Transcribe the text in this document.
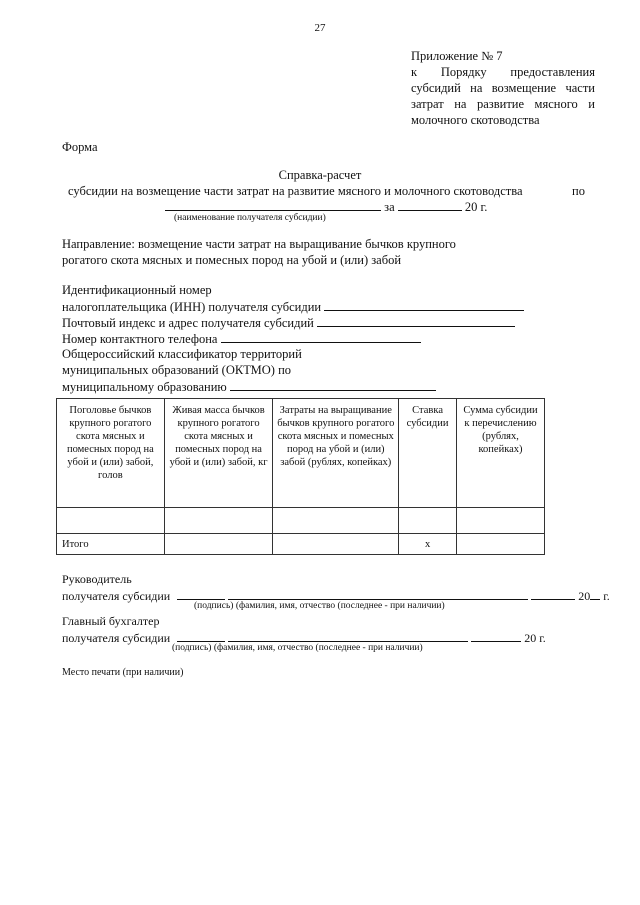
27
Приложение № 7
к Порядку предоставления
субсидий на возмещение части
затрат на развитие мясного и
молочного скотоводства
Форма
Справка-расчет
субсидии на возмещение части затрат на развитие мясного и молочного скотоводства	по
за	20 г.
(наименование получателя субсидии)

Направление: возмещение части затрат на выращивание бычков крупного

рогатого скота мясных и помесных пород на убой и (или) забой

Идентификационный номер
налогоплательщика (ИНН) получателя субсидии
Почтовый индекс и адрес получателя субсидий
Номер контактного телефона
Общероссийский классификатор территорий
муниципальных образований (ОКТМО) по
муниципальному образованию
Поголовье бычков крупного рогатого скота мясных и помесных пород на убой и (или) забой, голов	Живая масса бычков крупного рогатого скота мясных и помесных пород на убой и (или) забой, кг	Затраты на выращивание бычков крупного рогатого скота мясных и помесных пород на убой и (или) забой (рублях, копейках)	Ставка субсидии	Сумма субсидии к перечислению (рублях, копейках)

Итого			х	
Руководитель
получателя субсидии	20 г.
(подпись) (фамилия, имя, отчество (последнее - при наличии)
Главный бухгалтер
получателя субсидии	20 г.
(подпись) (фамилия, имя, отчество (последнее - при наличии)
Место печати (при наличии)
